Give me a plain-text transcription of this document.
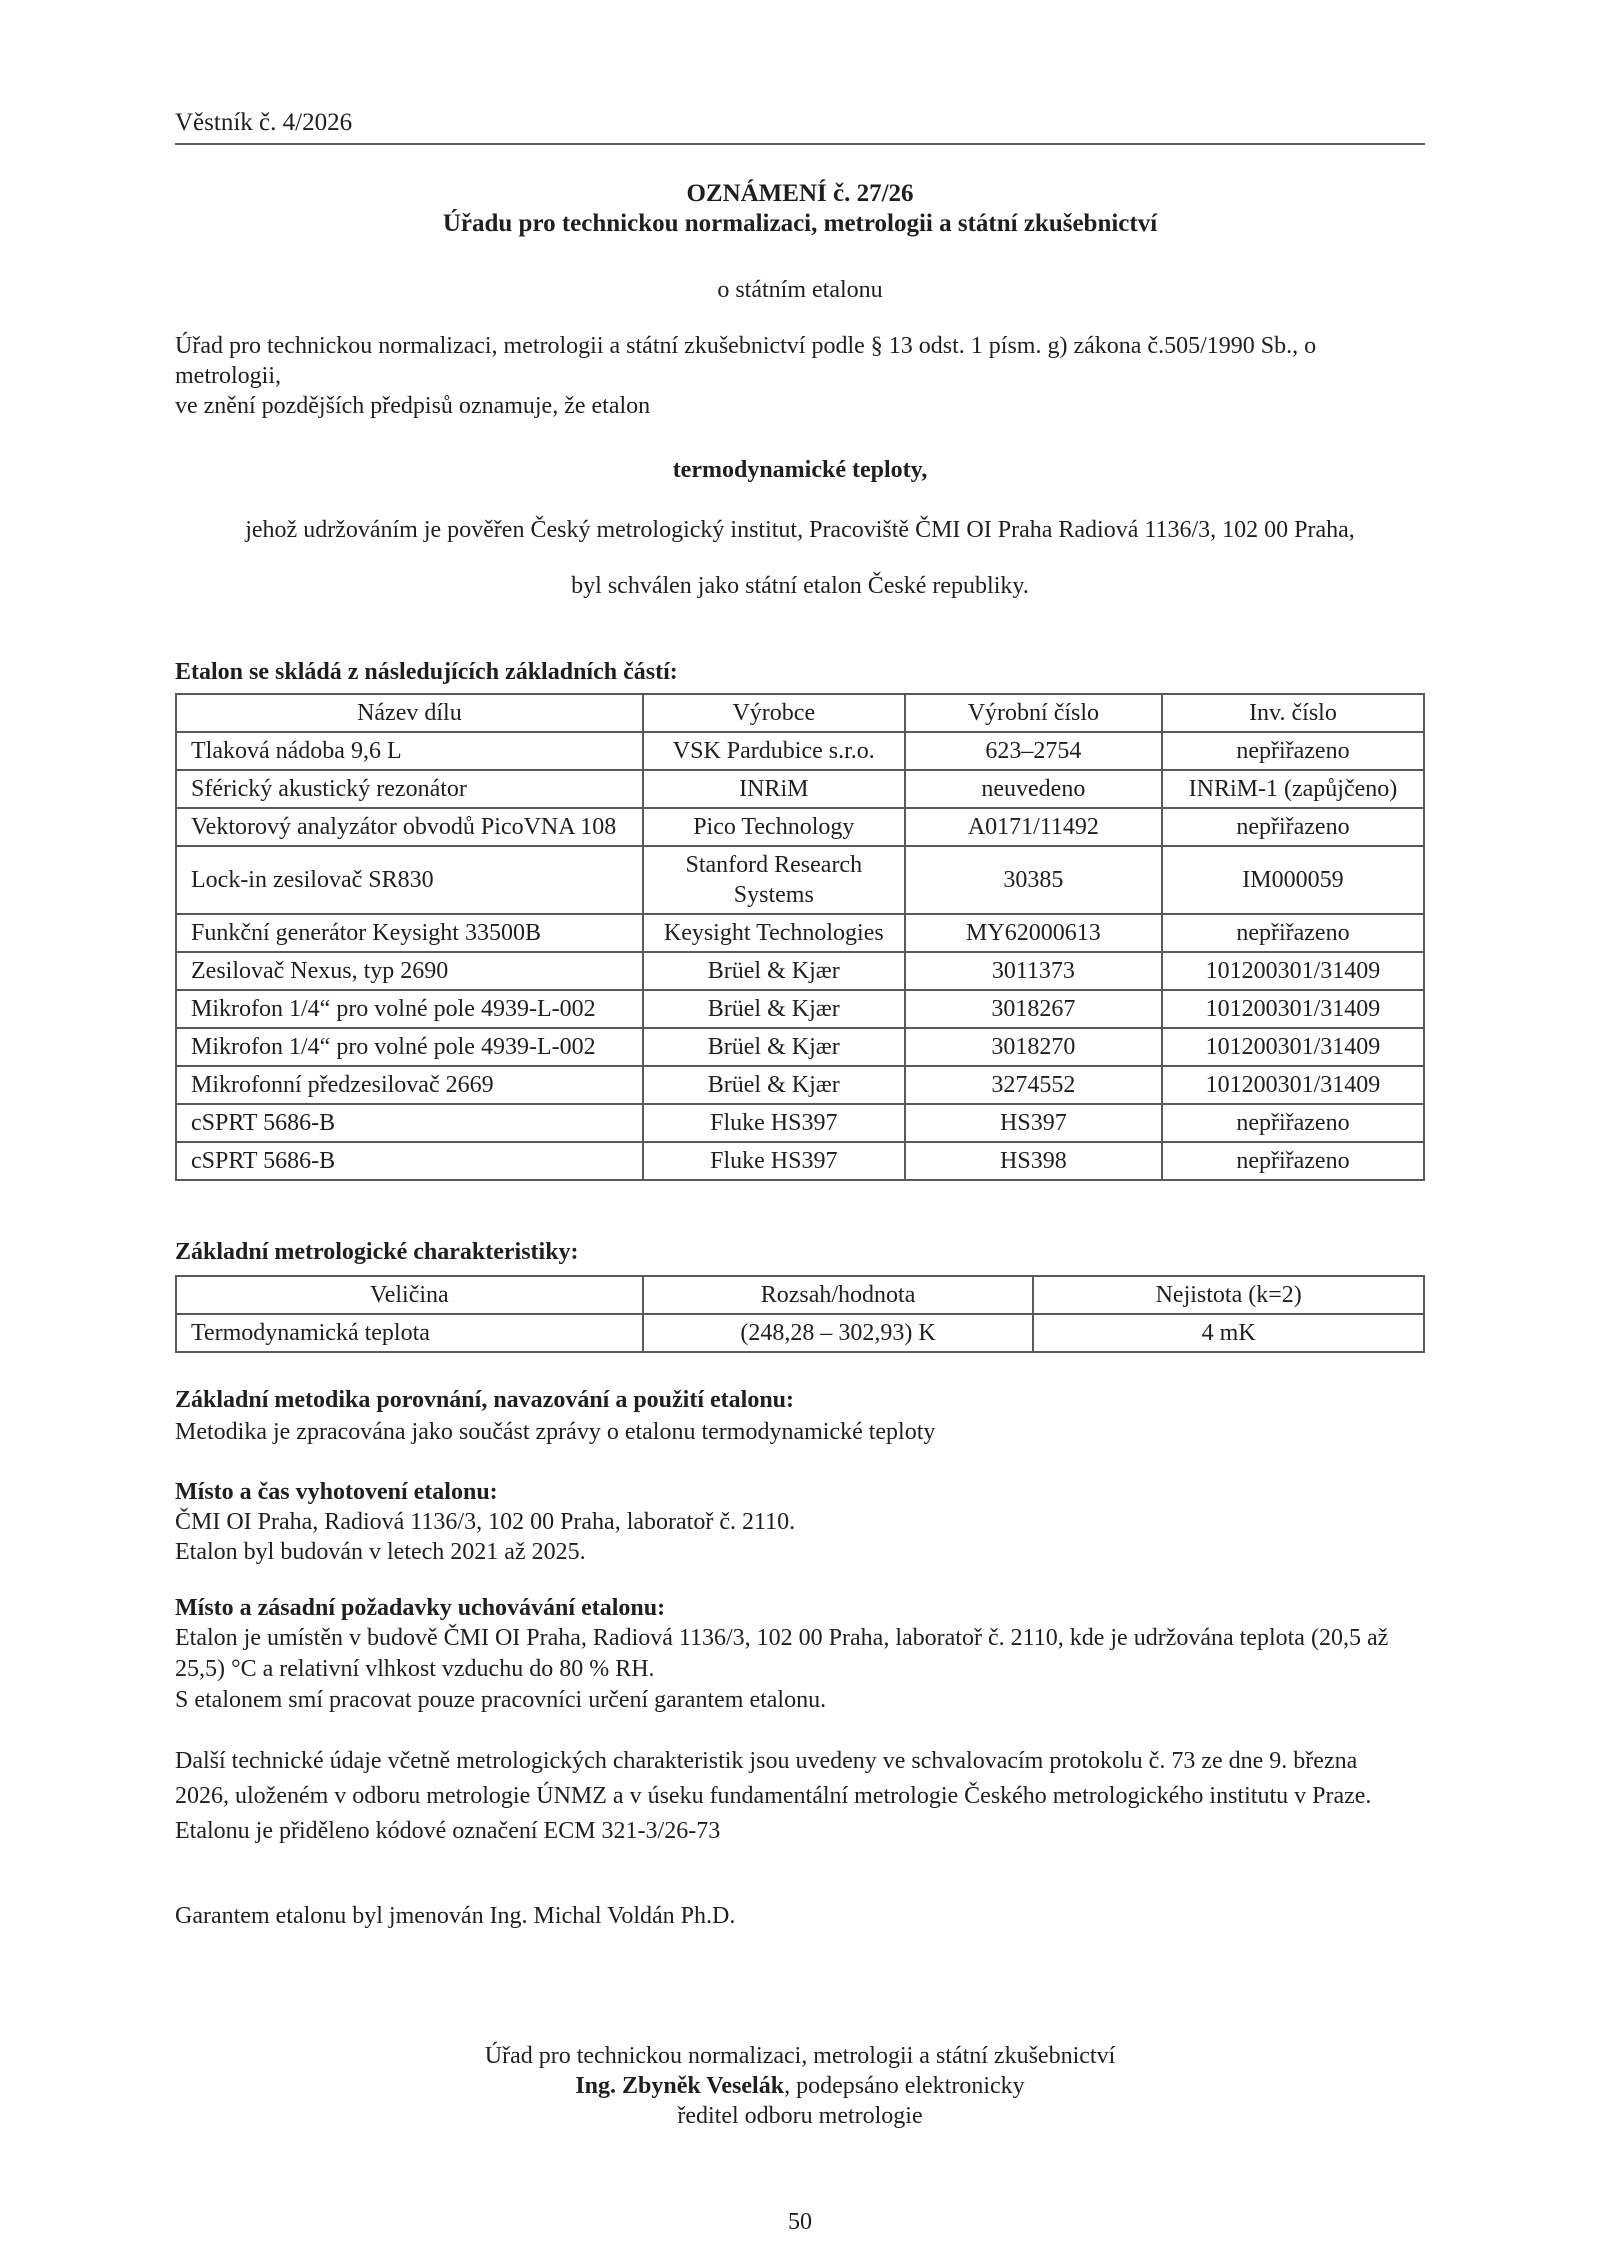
Věstník č. 4/2026
OZNÁMENÍ č. 27/26
Úřadu pro technickou normalizaci, metrologii a státní zkušebnictví
o státním etalonu
Úřad pro technickou normalizaci, metrologii a státní zkušebnictví podle § 13 odst. 1 písm. g) zákona č.505/1990 Sb., o metrologii,
ve znění pozdějších předpisů oznamuje, že etalon
termodynamické teploty,
jehož udržováním je pověřen Český metrologický institut, Pracoviště ČMI OI Praha Radiová 1136/3, 102 00 Praha,
byl schválen jako státní etalon České republiky.
Etalon se skládá z následujících základních částí:
Název dílu	Výrobce	Výrobní číslo	Inv. číslo
Tlaková nádoba 9,6 L	VSK Pardubice s.r.o.	623–2754	nepřiřazeno
Sférický akustický rezonátor	INRiM	neuvedeno	INRiM-1 (zapůjčeno)
Vektorový analyzátor obvodů PicoVNA 108	Pico Technology	A0171/11492	nepřiřazeno
Lock-in zesilovač SR830	Stanford Research Systems	30385	IM000059
Funkční generátor Keysight 33500B	Keysight Technologies	MY62000613	nepřiřazeno
Zesilovač Nexus, typ 2690	Brüel & Kjær	3011373	101200301/31409
Mikrofon 1/4“ pro volné pole 4939-L-002	Brüel & Kjær	3018267	101200301/31409
Mikrofon 1/4“ pro volné pole 4939-L-002	Brüel & Kjær	3018270	101200301/31409
Mikrofonní předzesilovač 2669	Brüel & Kjær	3274552	101200301/31409
cSPRT 5686-B	Fluke HS397	HS397	nepřiřazeno
cSPRT 5686-B	Fluke HS397	HS398	nepřiřazeno
Základní metrologické charakteristiky:
Veličina	Rozsah/hodnota	Nejistota (k=2)
Termodynamická teplota	(248,28 – 302,93) K	4 mK
Základní metodika porovnání, navazování a použití etalonu:
Metodika je zpracována jako součást zprávy o etalonu termodynamické teploty
Místo a čas vyhotovení etalonu:
ČMI OI Praha, Radiová 1136/3, 102 00 Praha, laboratoř č. 2110.
Etalon byl budován v letech 2021 až 2025.
Místo a zásadní požadavky uchovávání etalonu:
Etalon je umístěn v budově ČMI OI Praha, Radiová 1136/3, 102 00 Praha, laboratoř č. 2110, kde je udržována teplota (20,5 až
25,5) °C a relativní vlhkost vzduchu do 80 % RH.
S etalonem smí pracovat pouze pracovníci určení garantem etalonu.
Další technické údaje včetně metrologických charakteristik jsou uvedeny ve schvalovacím protokolu č. 73 ze dne 9. března
2026, uloženém v odboru metrologie ÚNMZ a v úseku fundamentální metrologie Českého metrologického institutu v Praze.
Etalonu je přiděleno kódové označení ECM 321-3/26-73
Garantem etalonu byl jmenován Ing. Michal Voldán Ph.D.
Úřad pro technickou normalizaci, metrologii a státní zkušebnictví
Ing. Zbyněk Veselák, podepsáno elektronicky
ředitel odboru metrologie
50
